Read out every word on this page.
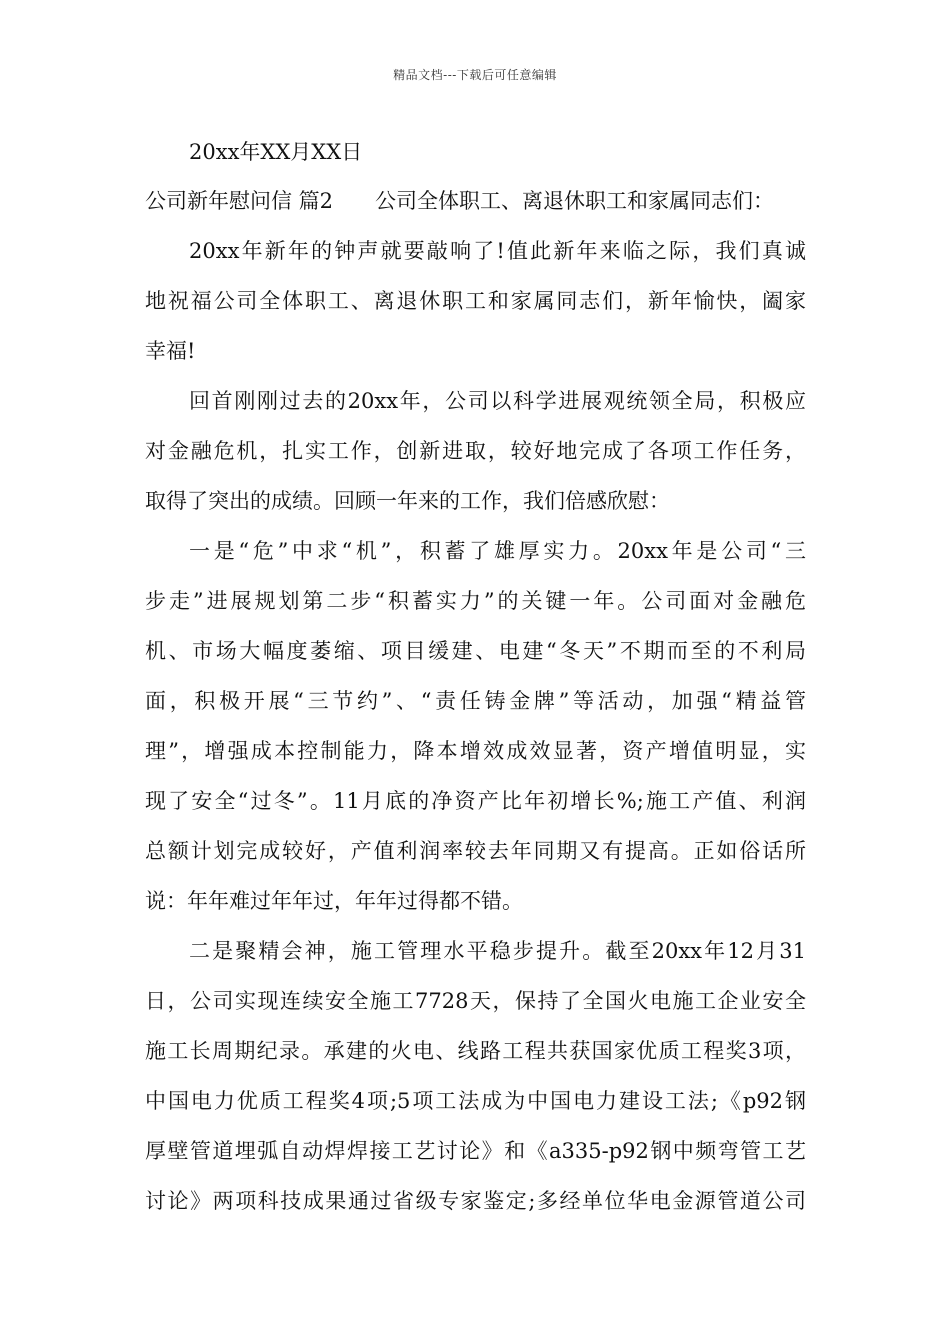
精品文档---下载后可任意编辑
20xx年XX月XX日
公司新年慰问信 篇2 公司全体职工、离退休职工和家属同志们：
20xx年新年的钟声就要敲响了!值此新年来临之际，我们真诚
地祝福公司全体职工、离退休职工和家属同志们，新年愉快，阖家
幸福!
回首刚刚过去的20xx年，公司以科学进展观统领全局，积极应
对金融危机，扎实工作，创新进取，较好地完成了各项工作任务，
取得了突出的成绩。回顾一年来的工作，我们倍感欣慰：
一是“危”中求“机”，积蓄了雄厚实力。20xx年是公司“三
步走”进展规划第二步“积蓄实力”的关键一年。公司面对金融危
机、市场大幅度萎缩、项目缓建、电建“冬天”不期而至的不利局
面，积极开展“三节约”、“责任铸金牌”等活动，加强“精益管
理”，增强成本控制能力，降本增效成效显著，资产增值明显，实
现了安全“过冬”。11月底的净资产比年初增长%;施工产值、利润
总额计划完成较好，产值利润率较去年同期又有提高。正如俗话所
说：年年难过年年过，年年过得都不错。
二是聚精会神，施工管理水平稳步提升。截至20xx年12月31
日，公司实现连续安全施工7728天，保持了全国火电施工企业安全
施工长周期纪录。承建的火电、线路工程共获国家优质工程奖3项，
中国电力优质工程奖4项;5项工法成为中国电力建设工法;《p92钢
厚壁管道埋弧自动焊焊接工艺讨论》和《a335-p92钢中频弯管工艺
讨论》两项科技成果通过省级专家鉴定;多经单位华电金源管道公司
